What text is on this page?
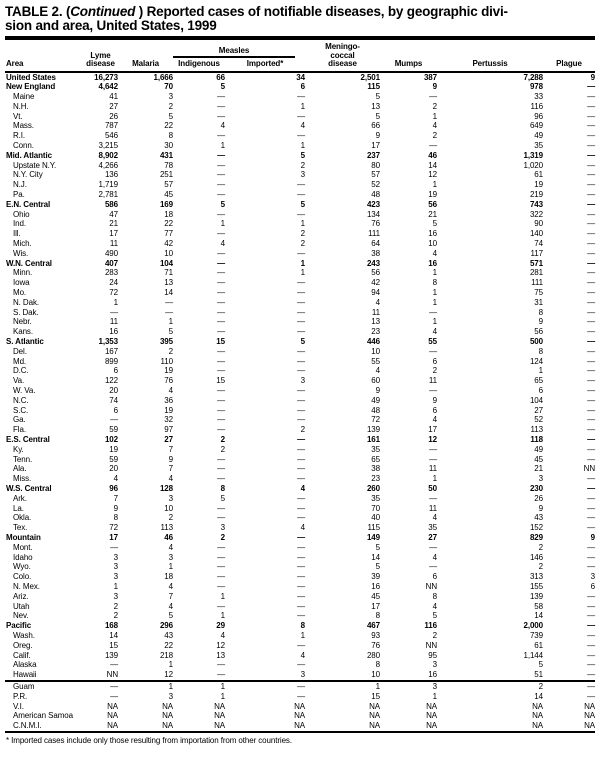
TABLE 2. (Continued ) Reported cases of notifiable diseases, by geographic divi-
sion and area, United States, 1999
Area	
Lyme
disease	Malaria	
Measles
Indigenous	Imported*

Meningo-
coccal
disease	Mumps	Pertussis	Plague
United States	16,273	1,666	66	34	2,501	387	7,288	9
New England	4,642	70	5	6	115	9	978	—
Maine	41	3	—	—	5	—	33	—
N.H.	27	2	—	1	13	2	116	—
Vt.	26	5	—	—	5	1	96	—
Mass.	787	22	4	4	66	4	649	—
R.I.	546	8	—	—	9	2	49	—
Conn.	3,215	30	1	1	17	—	35	—
Mid. Atlantic	8,902	431	—	5	237	46	1,319	—
Upstate N.Y.	4,266	78	—	2	80	14	1,020	—
N.Y. City	136	251	—	3	57	12	61	—
N.J.	1,719	57	—	—	52	1	19	—
Pa.	2,781	45	—	—	48	19	219	—
E.N. Central	586	169	5	5	423	56	743	—
Ohio	47	18	—	—	134	21	322	—
Ind.	21	22	1	1	76	5	90	—
Ill.	17	77	—	2	111	16	140	—
Mich.	11	42	4	2	64	10	74	—
Wis.	490	10	—	—	38	4	117	—
W.N. Central	407	104	—	1	243	16	571	—
Minn.	283	71	—	1	56	1	281	—
Iowa	24	13	—	—	42	8	111	—
Mo.	72	14	—	—	94	1	75	—
N. Dak.	1	—	—	—	4	1	31	—
S. Dak.	—	—	—	—	11	—	8	—
Nebr.	11	1	—	—	13	1	9	—
Kans.	16	5	—	—	23	4	56	—
S. Atlantic	1,353	395	15	5	446	55	500	—
Del.	167	2	—	—	10	—	8	—
Md.	899	110	—	—	55	6	124	—
D.C.	6	19	—	—	4	2	1	—
Va.	122	76	15	3	60	11	65	—
W. Va.	20	4	—	—	9	—	6	—
N.C.	74	36	—	—	49	9	104	—
S.C.	6	19	—	—	48	6	27	—
Ga.	—	32	—	—	72	4	52	—
Fla.	59	97	—	2	139	17	113	—
E.S. Central	102	27	2	—	161	12	118	—
Ky.	19	7	2	—	35	—	49	—
Tenn.	59	9	—	—	65	—	45	—
Ala.	20	7	—	—	38	11	21	NN
Miss.	4	4	—	—	23	1	3	—
W.S. Central	96	128	8	4	260	50	230	—
Ark.	7	3	5	—	35	—	26	—
La.	9	10	—	—	70	11	9	—
Okla.	8	2	—	—	40	4	43	—
Tex.	72	113	3	4	115	35	152	—
Mountain	17	46	2	—	149	27	829	9
Mont.	—	4	—	—	5	—	2	—
Idaho	3	3	—	—	14	4	146	—
Wyo.	3	1	—	—	5	—	2	—
Colo.	3	18	—	—	39	6	313	3
N. Mex.	1	4	—	—	16	NN	155	6
Ariz.	3	7	1	—	45	8	139	—
Utah	2	4	—	—	17	4	58	—
Nev.	2	5	1	—	8	5	14	—
Pacific	168	296	29	8	467	116	2,000	—
Wash.	14	43	4	1	93	2	739	—
Oreg.	15	22	12	—	76	NN	61	—
Calif.	139	218	13	4	280	95	1,144	—
Alaska	—	1	—	—	8	3	5	—
Hawaii	NN	12	—	3	10	16	51	—
Guam	—	1	1	—	1	3	2	—
P.R.	—	3	1	—	15	1	14	—
V.I.	NA	NA	NA	NA	NA	NA	NA	NA
American Samoa	NA	NA	NA	NA	NA	NA	NA	NA
C.N.M.I.	NA	NA	NA	NA	NA	NA	NA	NA
* Imported cases include only those resulting from importation from other countries.
